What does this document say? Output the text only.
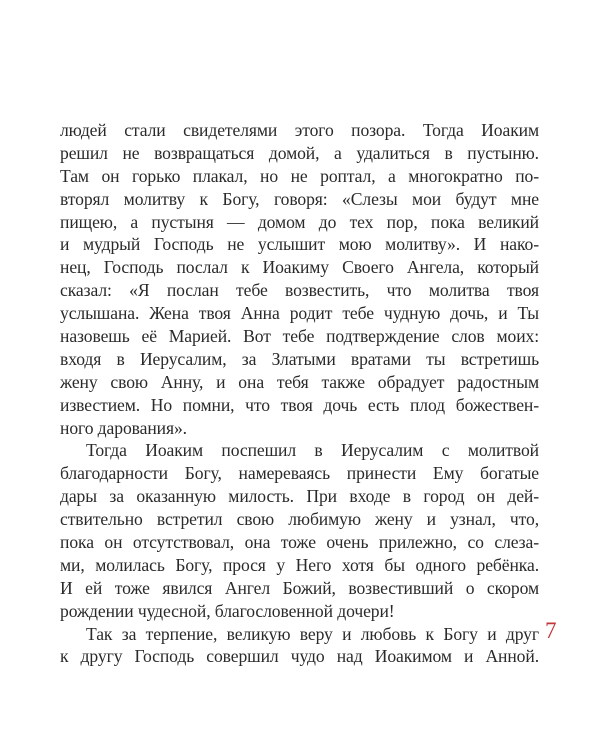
людей стали свидетелями этого позора. Тогда Иоаким
решил не возвращаться домой, а удалиться в пустыню.
Там он горько плакал, но не роптал, а многократно по-
вторял молитву к Богу, говоря: «Слезы мои будут мне
пищею, а пустыня — домом до тех пор, пока великий
и мудрый Господь не услышит мою молитву». И нако-
нец, Господь послал к Иоакиму Своего Ангела, который
сказал: «Я послан тебе возвестить, что молитва твоя
услышана. Жена твоя Анна родит тебе чудную дочь, и Ты
назовешь её Марией. Вот тебе подтверждение слов моих:
входя в Иерусалим, за Златыми вратами ты встретишь
жену свою Анну, и она тебя также обрадует радостным
известием. Но помни, что твоя дочь есть плод божествен-
ного дарования».
Тогда Иоаким поспешил в Иерусалим с молитвой
благодарности Богу, намереваясь принести Ему богатые
дары за оказанную милость. При входе в город он дей-
ствительно встретил свою любимую жену и узнал, что,
пока он отсутствовал, она тоже очень прилежно, со слеза-
ми, молилась Богу, прося у Него хотя бы одного ребёнка.
И ей тоже явился Ангел Божий, возвестивший о скором
рождении чудесной, благословенной дочери!
Так за терпение, великую веру и любовь к Богу и друг
к другу Господь совершил чудо над Иоакимом и Анной.
7
